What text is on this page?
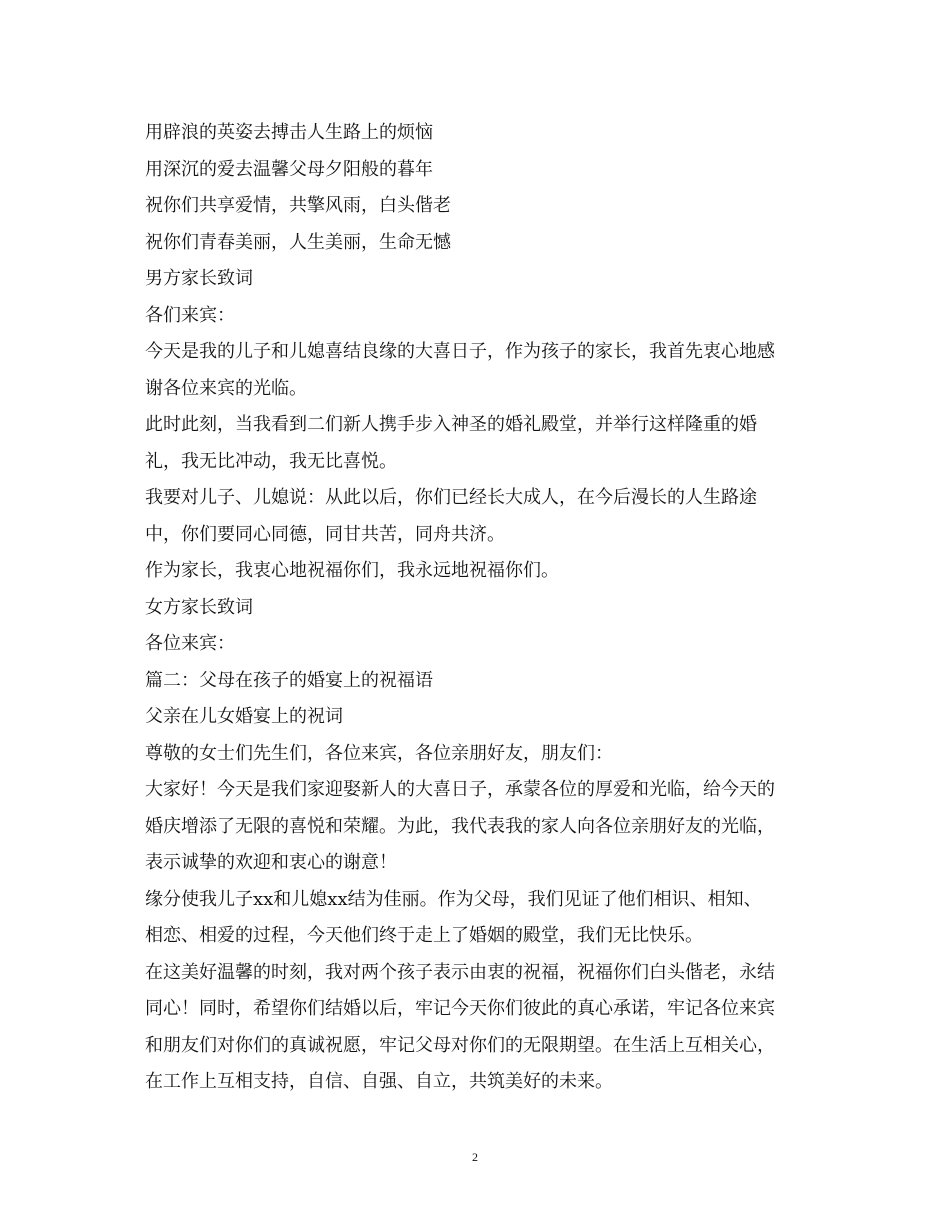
用辟浪的英姿去搏击人生路上的烦恼

用深沉的爱去温馨父母夕阳般的暮年

祝你们共享爱情，共擎风雨，白头偕老

祝你们青春美丽，人生美丽，生命无憾

男方家长致词

各们来宾：

今天是我的儿子和儿媳喜结良缘的大喜日子，作为孩子的家长，我首先衷心地感

谢各位来宾的光临。

此时此刻，当我看到二们新人携手步入神圣的婚礼殿堂，并举行这样隆重的婚

礼，我无比冲动，我无比喜悦。

我要对儿子、儿媳说：从此以后，你们已经长大成人，在今后漫长的人生路途

中，你们要同心同德，同甘共苦，同舟共济。

作为家长，我衷心地祝福你们，我永远地祝福你们。

女方家长致词

各位来宾：

篇二：父母在孩子的婚宴上的祝福语

父亲在儿女婚宴上的祝词

尊敬的女士们先生们，各位来宾，各位亲朋好友，朋友们：

大家好！今天是我们家迎娶新人的大喜日子，承蒙各位的厚爱和光临，给今天的

婚庆增添了无限的喜悦和荣耀。为此，我代表我的家人向各位亲朋好友的光临，

表示诚挚的欢迎和衷心的谢意！

缘分使我儿子xx和儿媳xx结为佳丽。作为父母，我们见证了他们相识、相知、

相恋、相爱的过程，今天他们终于走上了婚姻的殿堂，我们无比快乐。

在这美好温馨的时刻，我对两个孩子表示由衷的祝福，祝福你们白头偕老，永结

同心！同时，希望你们结婚以后，牢记今天你们彼此的真心承诺，牢记各位来宾

和朋友们对你们的真诚祝愿，牢记父母对你们的无限期望。在生活上互相关心，

在工作上互相支持，自信、自强、自立，共筑美好的未来。

2
